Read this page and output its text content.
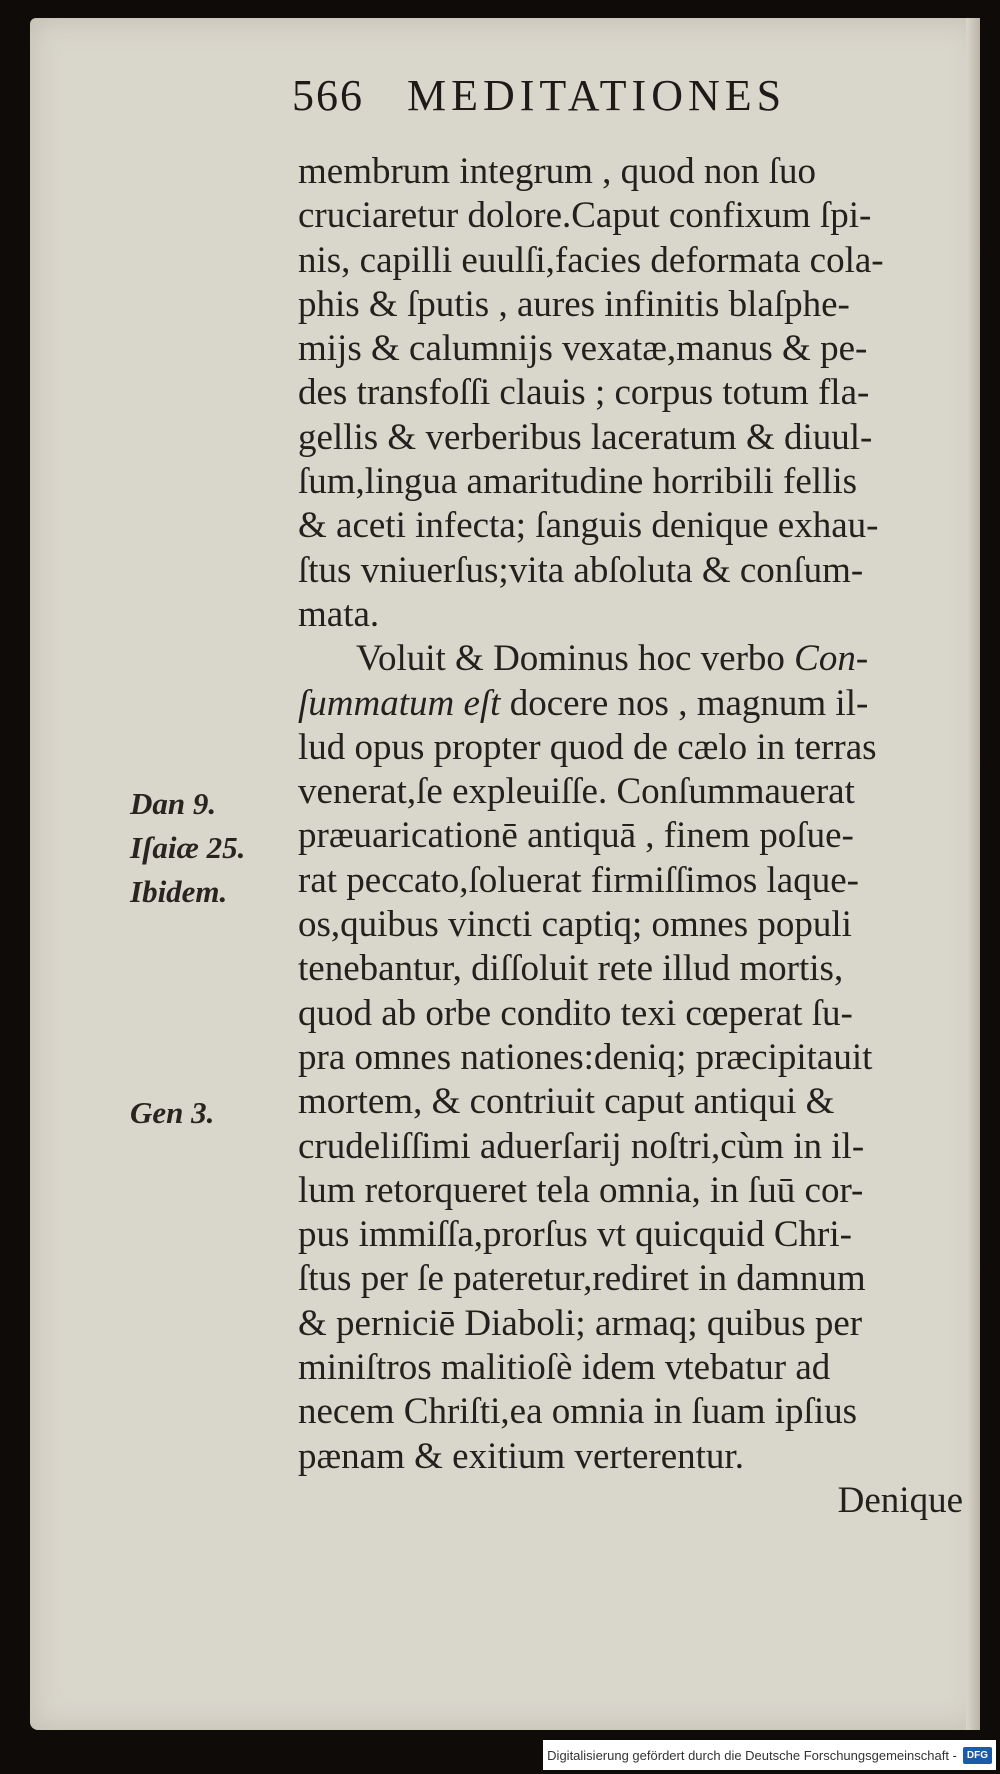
566 MEDITATIONES
membrum integrum , quod non ſuo
cruciaretur dolore.Caput confixum ſpi-
nis, capilli euulſi,facies deformata cola-
phis & ſputis , aures infinitis blaſphe-
mijs & calumnijs vexatæ,manus & pe-
des transfoſſi clauis ; corpus totum fla-
gellis & verberibus laceratum & diuul-
ſum,lingua amaritudine horribili fellis
& aceti infecta; ſanguis denique exhau-
ſtus vniuerſus;vita abſoluta & conſum-
mata.
Voluit & Dominus hoc verbo Con-
ſummatum eſt docere nos , magnum il-
lud opus propter quod de cælo in terras
venerat,ſe expleuiſſe. Conſummauerat
præuaricationē antiquā , finem poſue-
rat peccato,ſoluerat firmiſſimos laque-
os,quibus vincti captiq; omnes populi
tenebantur, diſſoluit rete illud mortis,
quod ab orbe condito texi cœperat ſu-
pra omnes nationes:deniq; præcipitauit
mortem, & contriuit caput antiqui &
crudeliſſimi aduerſarij noſtri,cùm in il-
lum retorqueret tela omnia, in ſuū cor-
pus immiſſa,prorſus vt quicquid Chri-
ſtus per ſe pateretur,rediret in damnum
& perniciē Diaboli; armaq; quibus per
miniſtros malitioſè idem vtebatur ad
necem Chriſti,ea omnia in ſuam ipſius
pænam & exitium verterentur.
Denique
Dan 9.
Iſaiæ 25.
Ibidem.
Gen 3.
Digitalisierung gefördert durch die Deutsche Forschungsgemeinschaft -	DFG
